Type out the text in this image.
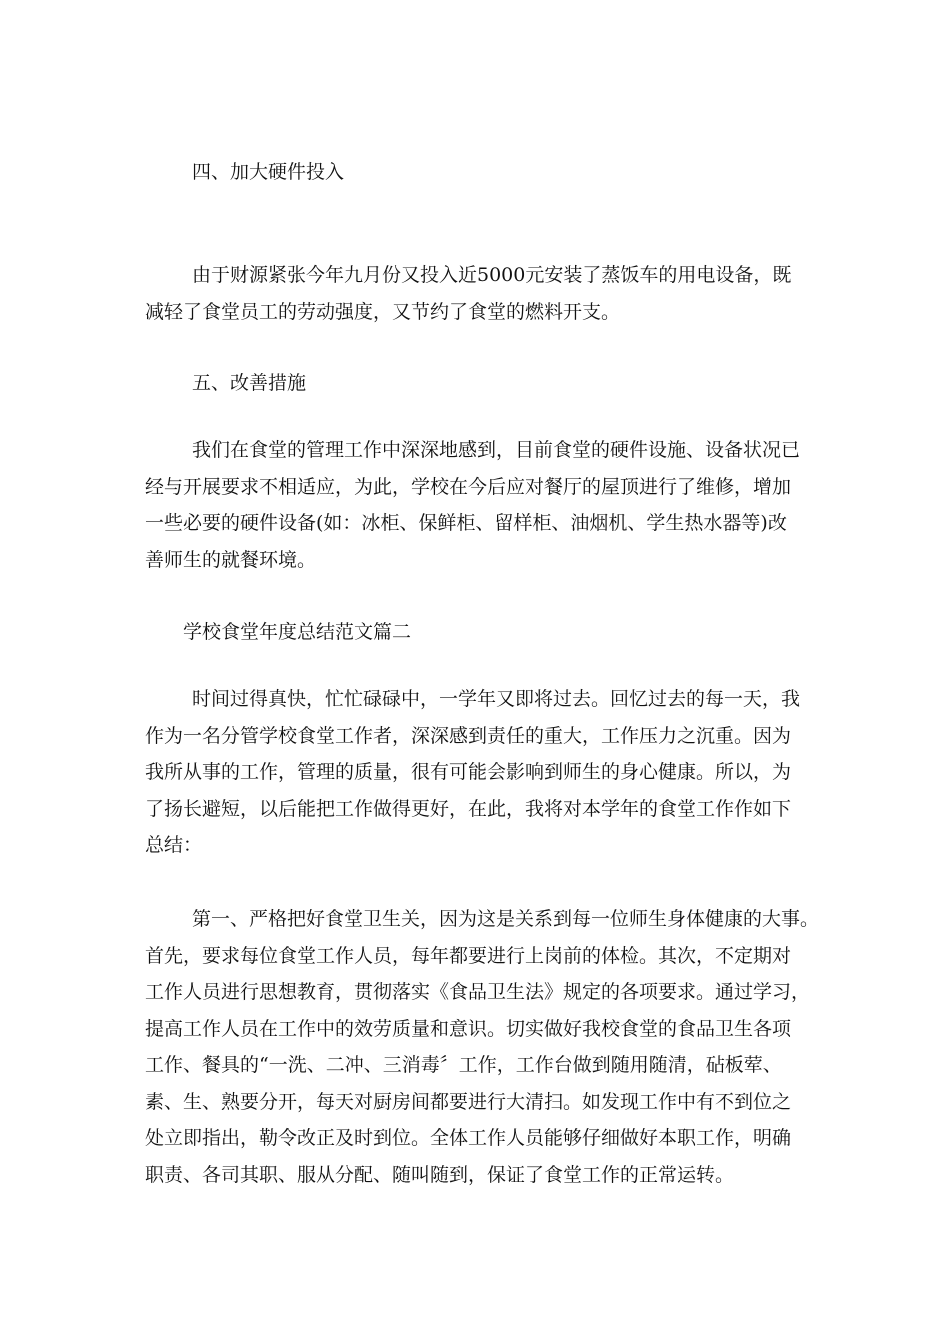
四、加大硬件投入
由于财源紧张今年九月份又投入近5000元安装了蒸饭车的用电设备，既
减轻了食堂员工的劳动强度，又节约了食堂的燃料开支。
五、改善措施
我们在食堂的管理工作中深深地感到，目前食堂的硬件设施、设备状况已
经与开展要求不相适应，为此，学校在今后应对餐厅的屋顶进行了维修，增加
一些必要的硬件设备(如：冰柜、保鲜柜、留样柜、油烟机、学生热水器等)改
善师生的就餐环境。
学校食堂年度总结范文篇二
时间过得真快，忙忙碌碌中，一学年又即将过去。回忆过去的每一天，我
作为一名分管学校食堂工作者，深深感到责任的重大，工作压力之沉重。因为
我所从事的工作，管理的质量，很有可能会影响到师生的身心健康。所以，为
了扬长避短，以后能把工作做得更好，在此，我将对本学年的食堂工作作如下
总结：
第一、严格把好食堂卫生关，因为这是关系到每一位师生身体健康的大事。
首先，要求每位食堂工作人员，每年都要进行上岗前的体检。其次，不定期对
工作人员进行思想教育，贯彻落实《食品卫生法》规定的各项要求。通过学习，
提高工作人员在工作中的效劳质量和意识。切实做好我校食堂的食品卫生各项
工作、餐具的“一洗、二冲、三消毒〞工作，工作台做到随用随清，砧板荤、
素、生、熟要分开，每天对厨房间都要进行大清扫。如发现工作中有不到位之
处立即指出，勒令改正及时到位。全体工作人员能够仔细做好本职工作，明确
职责、各司其职、服从分配、随叫随到，保证了食堂工作的正常运转。
